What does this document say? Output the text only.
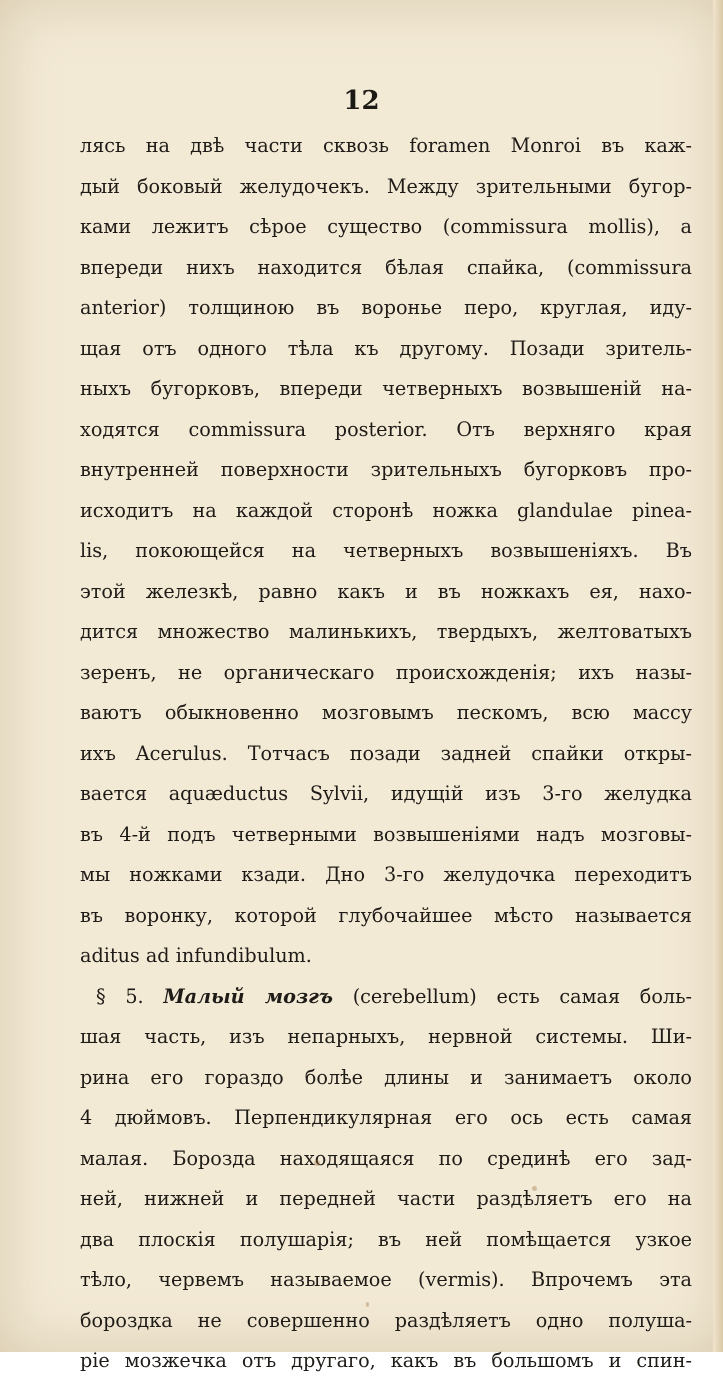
12
лясь на двѣ части сквозь foramen Monroi въ каж-
дый боковый желудочекъ. Между зрительными бугор-
ками лежитъ сѣрое существо (commissura mollis), а
впереди нихъ находится бѣлая спайка, (commissura
anterior) толщиною въ воронье перо, круглая, иду-
щая отъ одного тѣла къ другому. Позади зритель-
ныхъ бугорковъ, впереди четверныхъ возвышеній на-
ходятся commissura posterior. Отъ верхняго края
внутренней поверхности зрительныхъ бугорковъ про-
исходитъ на каждой сторонѣ ножка glandulae pinea-
lis, покоющейся на четверныхъ возвышеніяхъ. Въ
этой железкѣ, равно какъ и въ ножкахъ ея, нахо-
дится множество малинькихъ, твердыхъ, желтоватыхъ
зеренъ, не органическаго происхожденія; ихъ назы-
ваютъ обыкновенно мозговымъ пескомъ, всю массу
ихъ Acerulus. Тотчасъ позади задней спайки откры-
вается aquæductus Sylvii, идущій изъ 3-го желудка
въ 4-й подъ четверными возвышеніями надъ мозговы-
мы ножками кзади. Дно 3-го желудочка переходитъ
въ воронку, которой глубочайшее мѣсто называется
aditus ad infundibulum.
§ 5. Малый мозгъ (cerebellum) есть самая боль-
шая часть, изъ непарныхъ, нервной системы. Ши-
рина его гораздо болѣе длины и занимаетъ около
4 дюймовъ. Перпендикулярная его ось есть самая
малая. Борозда находящаяся по срединѣ его зад-
ней, нижней и передней части раздѣляетъ его на
два плоскія полушарія; въ ней помѣщается узкое
тѣло, червемъ называемое (vermis). Впрочемъ эта
бороздка не совершенно раздѣляетъ одно полуша-
ріе мозжечка отъ другаго, какъ въ большомъ и спин-
